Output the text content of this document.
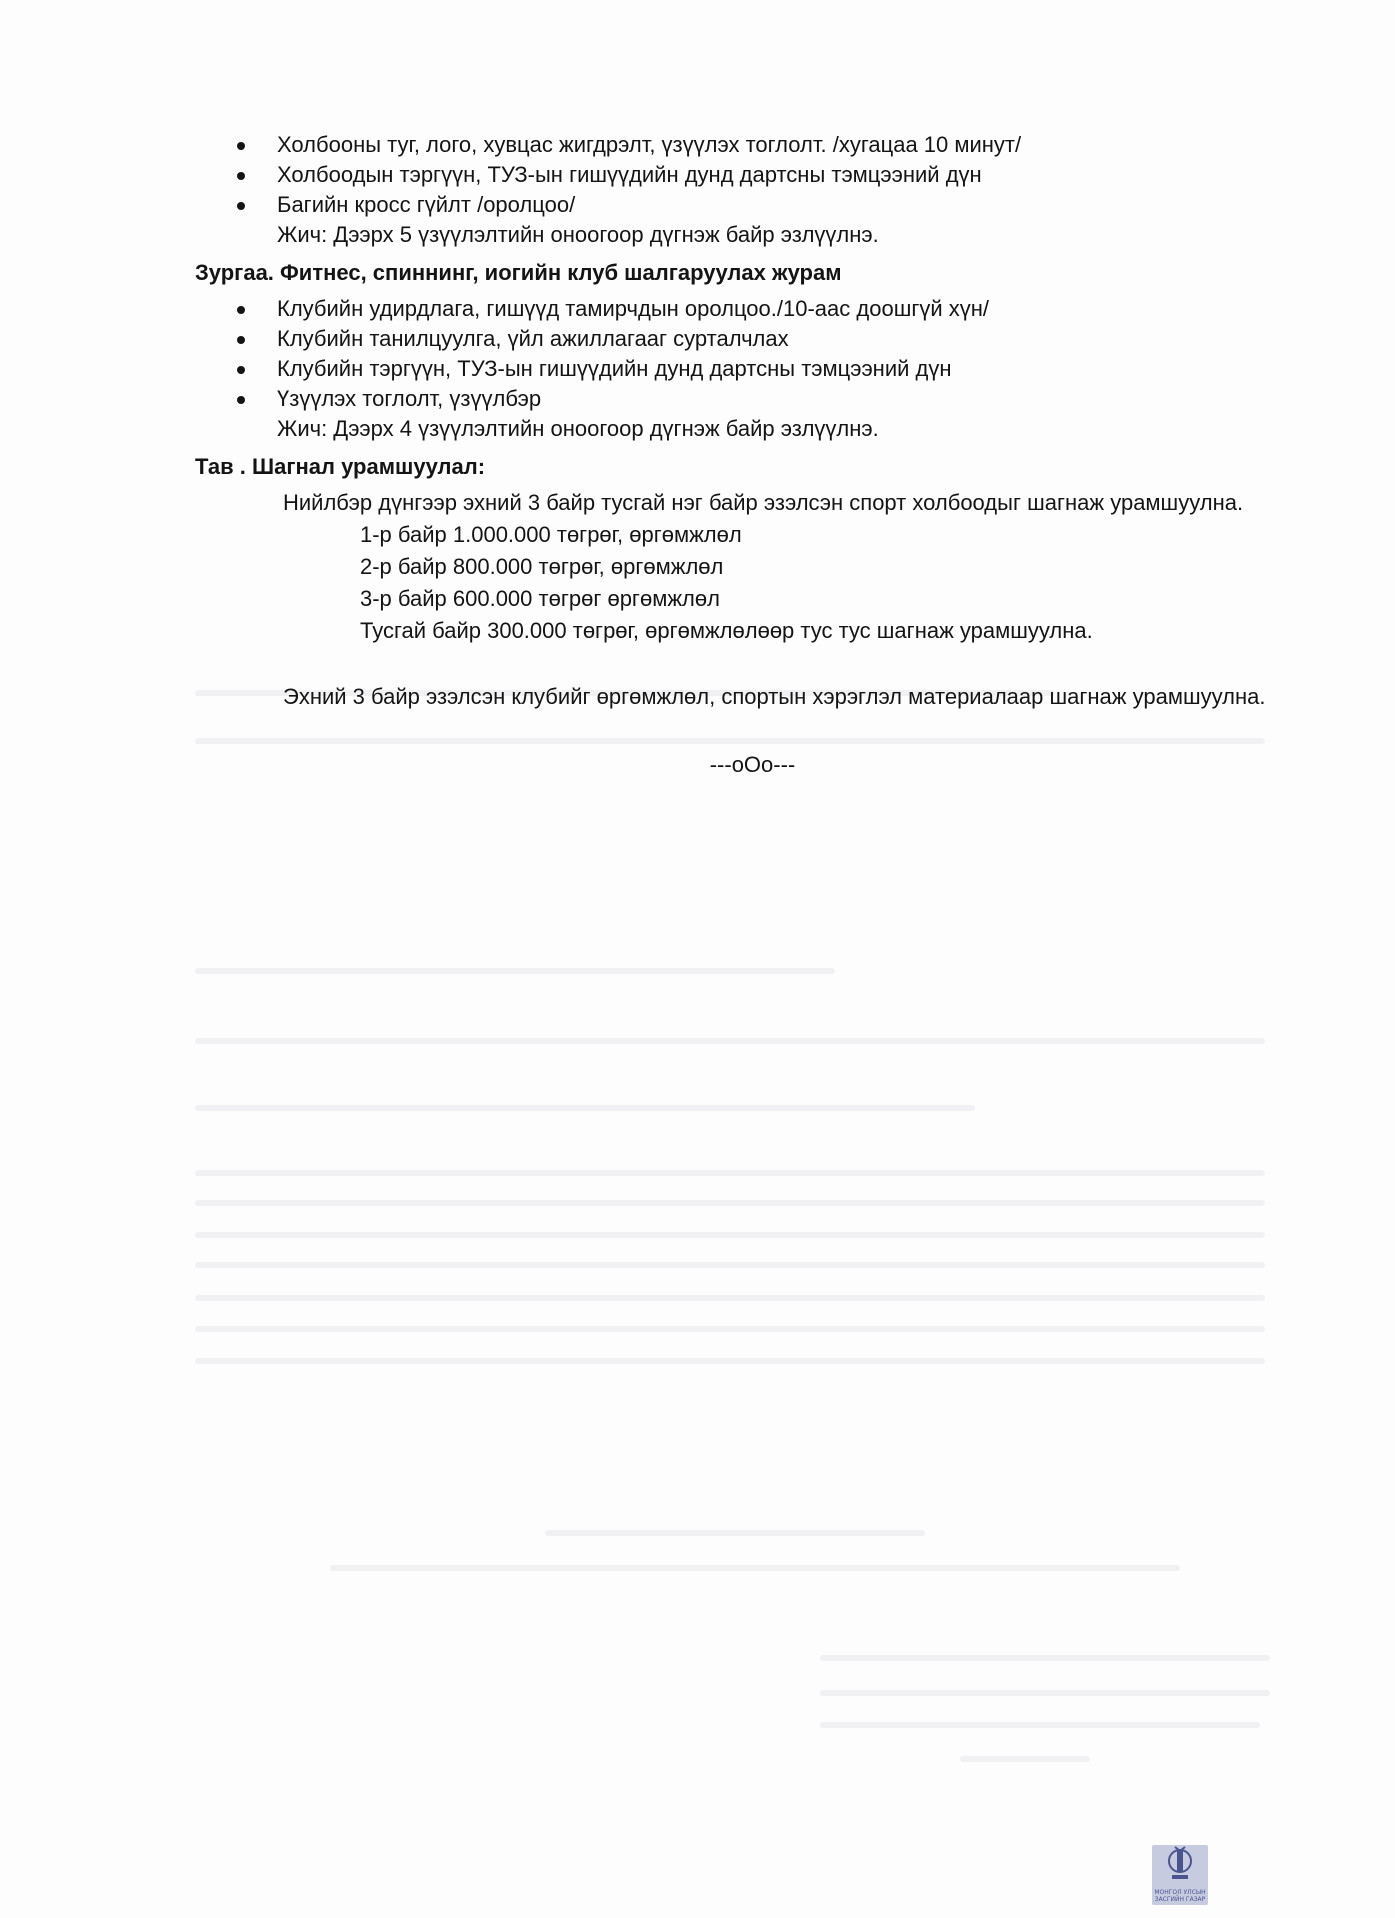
Холбооны туг, лого, хувцас жигдрэлт, үзүүлэх тоглолт. /хугацаа 10 минут/
Холбоодын тэргүүн, ТУЗ-ын гишүүдийн дунд дартсны тэмцээний дүн
Багийн кросс гүйлт /оролцоо/
Жич: Дээрх 5 үзүүлэлтийн оноогоор дүгнэж байр эзлүүлнэ.
Зургаа. Фитнес, спиннинг, иогийн клуб шалгаруулах журам
Клубийн удирдлага, гишүүд тамирчдын оролцоо./10-аас доошгүй хүн/
Клубийн танилцуулга, үйл ажиллагааг сурталчлах
Клубийн тэргүүн, ТУЗ-ын гишүүдийн дунд дартсны тэмцээний дүн
Үзүүлэх тоглолт, үзүүлбэр
Жич: Дээрх 4 үзүүлэлтийн оноогоор дүгнэж байр эзлүүлнэ.
Тав . Шагнал урамшуулал:

Нийлбэр дүнгээр эхний 3 байр тусгай нэг байр эзэлсэн спорт холбоодыг шагнаж урамшуулна.

1-р байр 1.000.000 төгрөг, өргөмжлөл
2-р байр 800.000 төгрөг, өргөмжлөл
3-р байр 600.000 төгрөг өргөмжлөл
Тусгай байр 300.000 төгрөг, өргөмжлөлөөр тус тус шагнаж урамшуулна.

Эхний 3 байр эзэлсэн клубийг өргөмжлөл, спортын хэрэглэл материалаар шагнаж урамшуулна.

---oOo---
МОНГОЛ УЛСЫН
ЗАСГИЙН ГАЗАР
